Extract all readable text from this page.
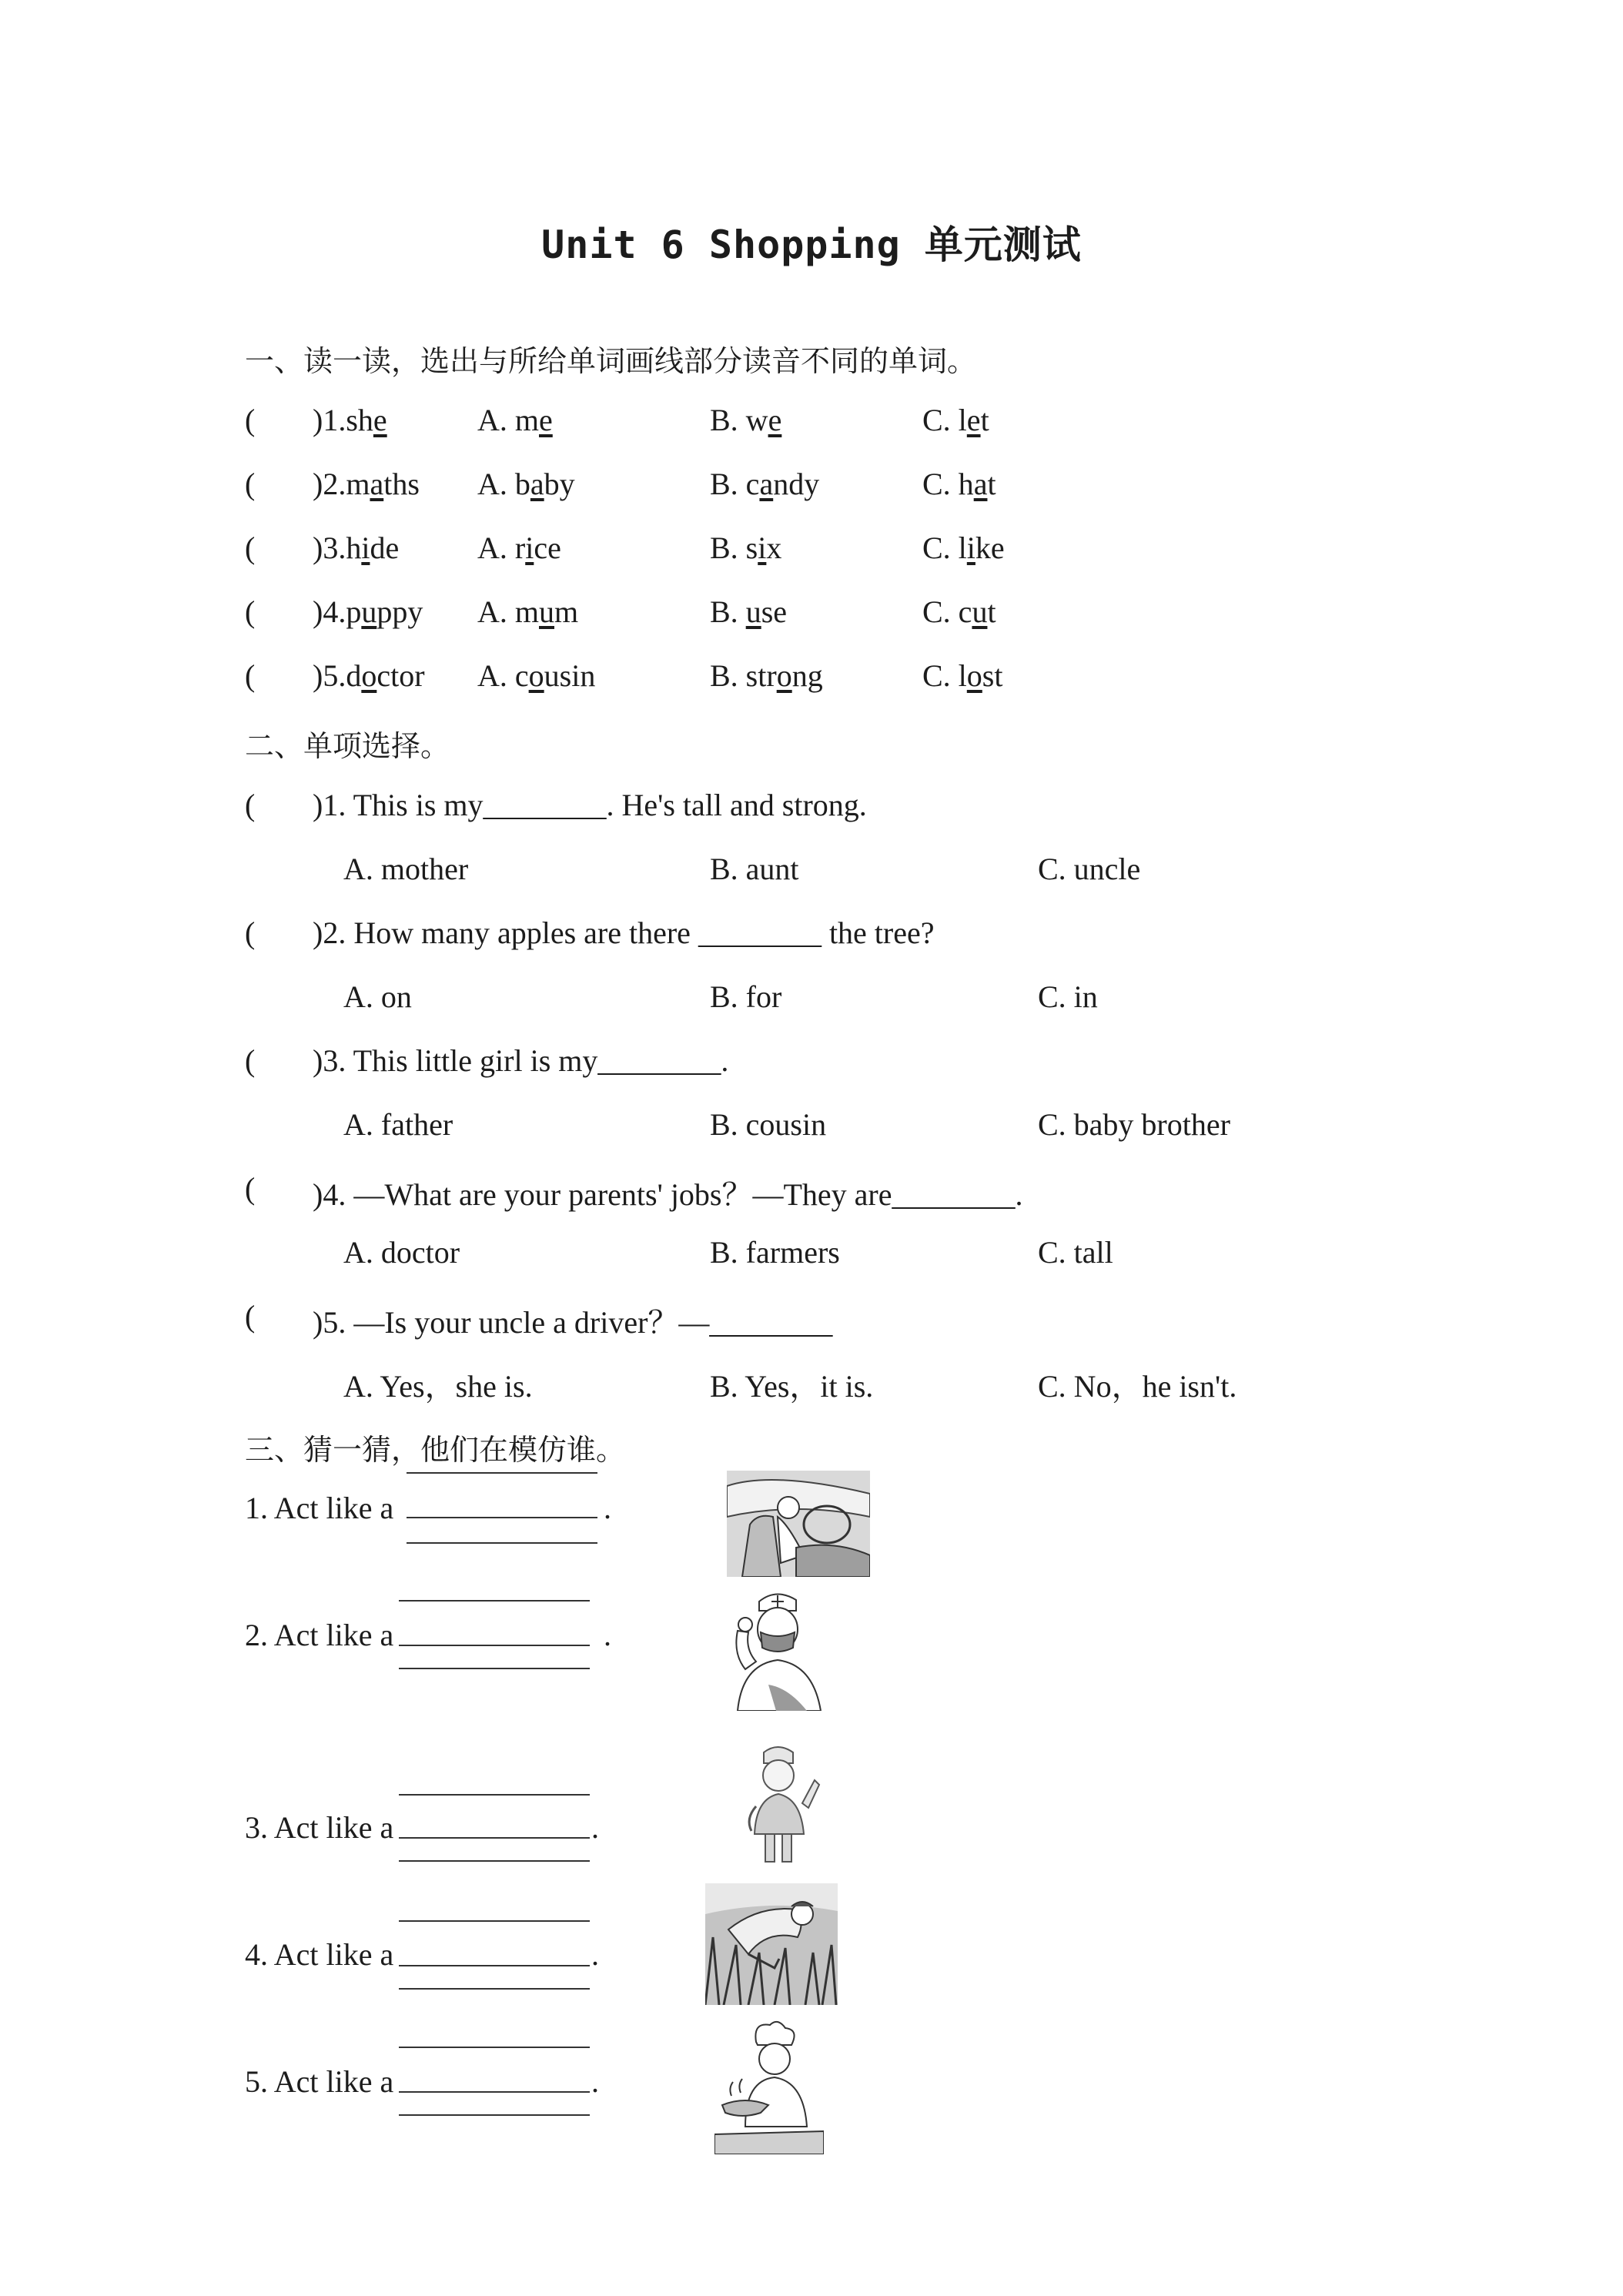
Unit 6 Shopping 单元测试
一、读一读，选出与所给单词画线部分读音不同的单词。
( )1.she	A. me	B. we	C. let
( )2.maths A. baby	B. candy	C. hat
( )3.hide	A. rice	B. six	C. like
( )4.puppy A. mum	B. use	C. cut
( )5.doctor A. cousin	B. strong	C. lost
二、单项选择。
( )1. This is my________. He's tall and strong.
A. mother	B. aunt	C. uncle
( )2. How many apples are there ________ the tree?
A. on	B. for	C. in
( )3. This little girl is my________.
A. father	B. cousin	C. baby brother
( )4. —What are your parents' jobs？—They are________.
A. doctor	B. farmers	C. tall
( )5. —Is your uncle a driver？—________
A. Yes，she is.	B. Yes，it is.	C. No，he isn't.
三、猜一猜，他们在模仿谁。
1. Act like a	.
2. Act like a	.
3. Act like a	.
4. Act like a	.
5. Act like a	.
